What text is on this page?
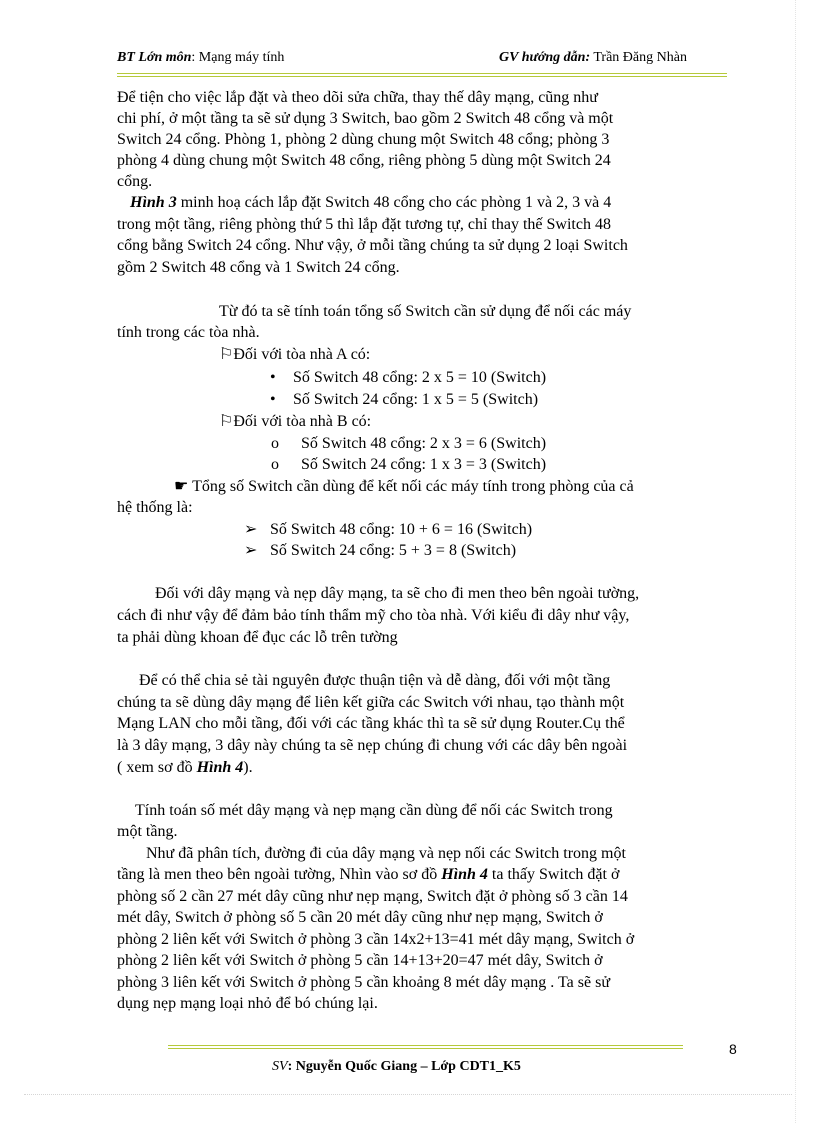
BT Lớn môn: Mạng máy tính	GV hướng dẫn: Trần Đăng Nhàn
Để tiện cho việc lắp đặt và theo dõi sửa chữa, thay thế dây mạng, cũng như
chi phí, ở một tầng ta sẽ sử dụng 3 Switch, bao gồm 2 Switch 48 cổng và một
Switch 24 cổng. Phòng 1, phòng 2 dùng chung một Switch 48 cổng; phòng 3
phòng 4 dùng chung một Switch 48 cổng, riêng phòng 5 dùng một Switch 24
cổng.
Hình 3 minh hoạ cách lắp đặt Switch 48 cổng cho các phòng 1 và 2, 3 và 4
trong một tầng, riêng phòng thứ 5 thì lắp đặt tương tự, chỉ thay thế Switch 48
cổng bằng Switch 24 cổng. Như vậy, ở mỗi tầng chúng ta sử dụng 2 loại Switch
gồm 2 Switch 48 cổng và 1 Switch 24 cổng.
Từ đó ta sẽ tính toán tổng số Switch cần sử dụng để nối các máy
tính trong các tòa nhà.
⚐Đối với tòa nhà A có:
• Số Switch 48 cổng: 2 x 5 = 10 (Switch)
• Số Switch 24 cổng: 1 x 5 = 5 (Switch)
⚐Đối với tòa nhà B có:
o Số Switch 48 cổng: 2 x 3 = 6 (Switch)
o Số Switch 24 cổng: 1 x 3 = 3 (Switch)
☛ Tổng số Switch cần dùng để kết nối các máy tính trong phòng của cả
hệ thống là:
➢ Số Switch 48 cổng: 10 + 6 = 16 (Switch)
➢ Số Switch 24 cổng: 5 + 3 = 8 (Switch)
Đối với dây mạng và nẹp dây mạng, ta sẽ cho đi men theo bên ngoài tường,
cách đi như vậy để đảm bảo tính thẩm mỹ cho tòa nhà. Với kiểu đi dây như vậy,
ta phải dùng khoan để đục các lỗ trên tường
Để có thể chia sẻ tài nguyên được thuận tiện và dễ dàng, đối với một tầng
chúng ta sẽ dùng dây mạng để liên kết giữa các Switch với nhau, tạo thành một
Mạng LAN cho mỗi tầng, đối với các tầng khác thì ta sẽ sử dụng Router.Cụ thể
là 3 dây mạng, 3 dây này chúng ta sẽ nẹp chúng đi chung với các dây bên ngoài
( xem sơ đồ Hình 4).
Tính toán số mét dây mạng và nẹp mạng cần dùng để nối các Switch trong
một tầng.
Như đã phân tích, đường đi của dây mạng và nẹp nối các Switch trong một
tầng là men theo bên ngoài tường, Nhìn vào sơ đồ Hình 4 ta thấy Switch đặt ở
phòng số 2 cần 27 mét dây cũng như nẹp mạng, Switch đặt ở phòng số 3 cần 14
mét dây, Switch ở phòng số 5 cần 20 mét dây cũng như nẹp mạng, Switch ở
phòng 2 liên kết với Switch ở phòng 3 cần 14x2+13=41 mét dây mạng, Switch ở
phòng 2 liên kết với Switch ở phòng 5 cần 14+13+20=47 mét dây, Switch ở
phòng 3 liên kết với Switch ở phòng 5 cần khoảng 8 mét dây mạng . Ta sẽ sử
dụng nẹp mạng loại nhỏ để bó chúng lại.
8
SV: Nguyễn Quốc Giang – Lớp CDT1_K5
